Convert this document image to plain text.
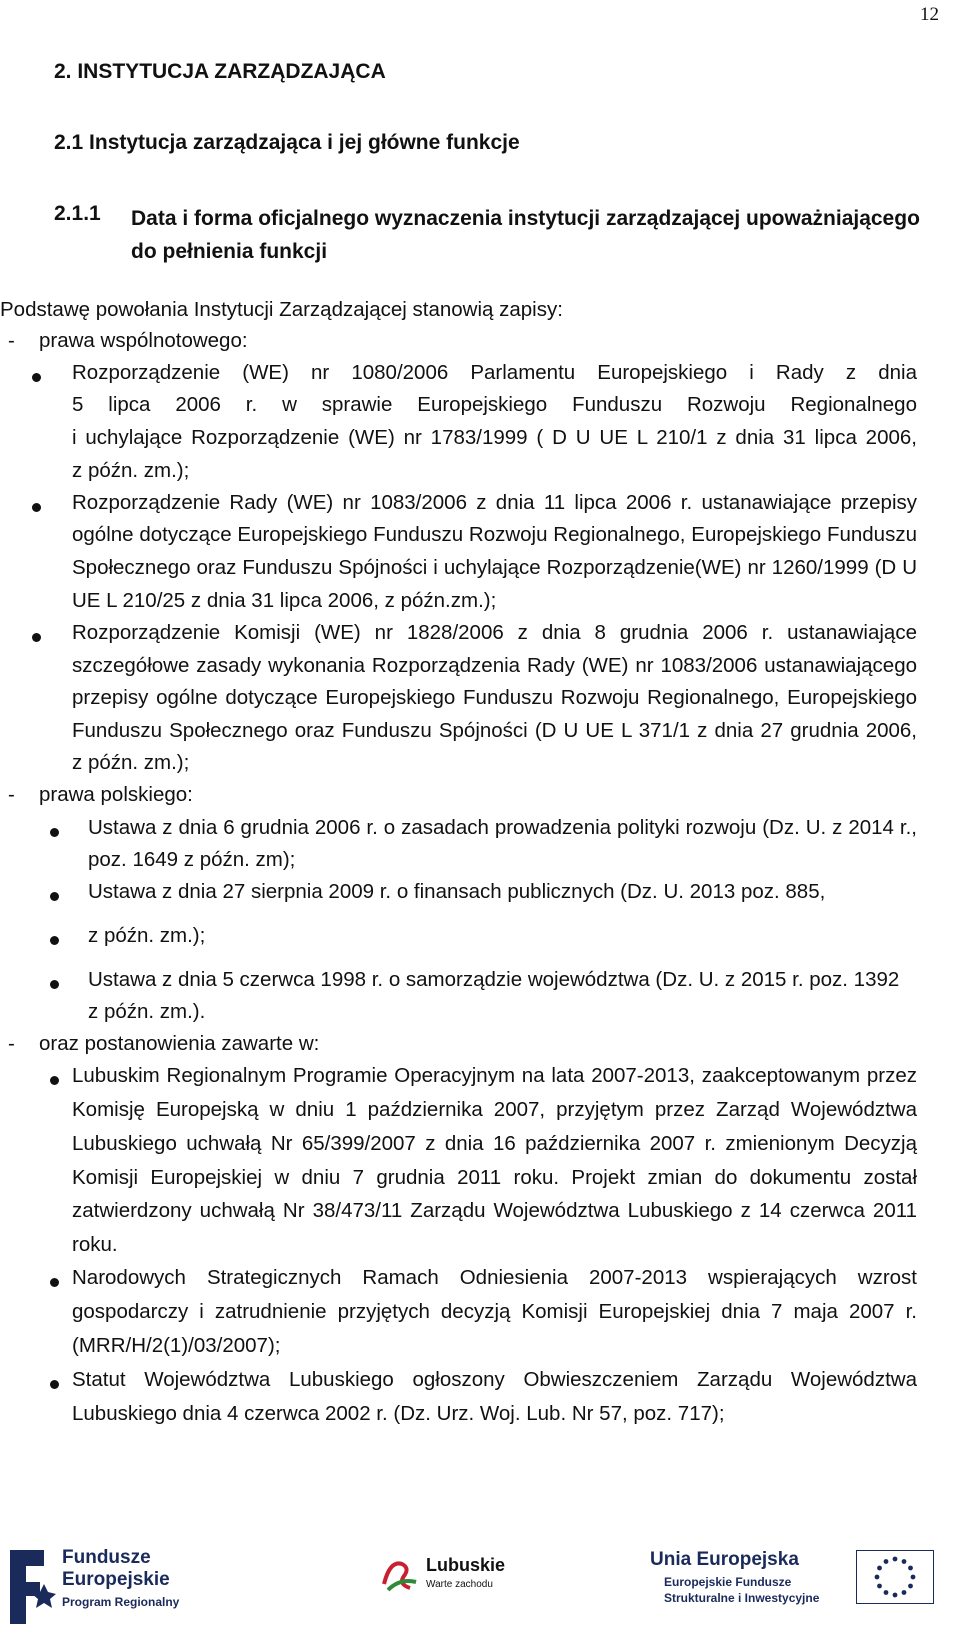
12
2. INSTYTUCJA ZARZĄDZAJĄCA
2.1 Instytucja zarządzająca i jej główne funkcje
2.1.1 Data i forma oficjalnego wyznaczenia instytucji zarządzającej upoważniającego do pełnienia funkcji
Podstawę powołania Instytucji Zarządzającej stanowią zapisy:
- prawa wspólnotowego:
Rozporządzenie (WE) nr 1080/2006 Parlamentu Europejskiego i Rady z dnia
5 lipca 2006 r. w sprawie Europejskiego Funduszu Rozwoju Regionalnego
i uchylające Rozporządzenie (WE) nr 1783/1999 ( D U UE L 210/1 z dnia 31 lipca 2006,
z późn. zm.);
Rozporządzenie Rady (WE) nr 1083/2006 z dnia 11 lipca 2006 r. ustanawiające przepisy
ogólne dotyczące Europejskiego Funduszu Rozwoju Regionalnego, Europejskiego Funduszu
Społecznego oraz Funduszu Spójności i uchylające Rozporządzenie(WE) nr 1260/1999 (D U
UE L 210/25 z dnia 31 lipca 2006, z późn.zm.);
Rozporządzenie Komisji (WE) nr 1828/2006 z dnia 8 grudnia 2006 r. ustanawiające
szczegółowe zasady wykonania Rozporządzenia Rady (WE) nr 1083/2006 ustanawiającego
przepisy ogólne dotyczące Europejskiego Funduszu Rozwoju Regionalnego, Europejskiego
Funduszu Społecznego oraz Funduszu Spójności (D U UE L 371/1 z dnia 27 grudnia 2006,
z późn. zm.);
- prawa polskiego:
Ustawa z dnia 6 grudnia 2006 r. o zasadach prowadzenia polityki rozwoju (Dz. U. z 2014 r.,
poz. 1649 z późn. zm);
Ustawa z dnia 27 sierpnia 2009 r. o finansach publicznych (Dz. U. 2013 poz. 885,
z późn. zm.);
Ustawa z dnia 5 czerwca 1998 r. o samorządzie województwa (Dz. U. z 2015 r. poz. 1392
z późn. zm.).
- oraz postanowienia zawarte w:
Lubuskim Regionalnym Programie Operacyjnym na lata 2007-2013, zaakceptowanym przez
Komisję Europejską w dniu 1 października 2007, przyjętym przez Zarząd Województwa
Lubuskiego uchwałą Nr 65/399/2007 z dnia 16 października 2007 r. zmienionym Decyzją
Komisji Europejskiej w dniu 7 grudnia 2011 roku. Projekt zmian do dokumentu został
zatwierdzony uchwałą Nr 38/473/11 Zarządu Województwa Lubuskiego z 14 czerwca 2011
roku.
Narodowych Strategicznych Ramach Odniesienia 2007-2013 wspierających wzrost
gospodarczy i zatrudnienie przyjętych decyzją Komisji Europejskiej dnia 7 maja 2007 r.
(MRR/H/2(1)/03/2007);
Statut Województwa Lubuskiego ogłoszony Obwieszczeniem Zarządu Województwa
Lubuskiego dnia 4 czerwca 2002 r. (Dz. Urz. Woj. Lub. Nr 57, poz. 717);
Fundusze
Europejskie
Program Regionalny
Lubuskie
Warte zachodu
Unia Europejska
Europejskie Fundusze
Strukturalne i Inwestycyjne
